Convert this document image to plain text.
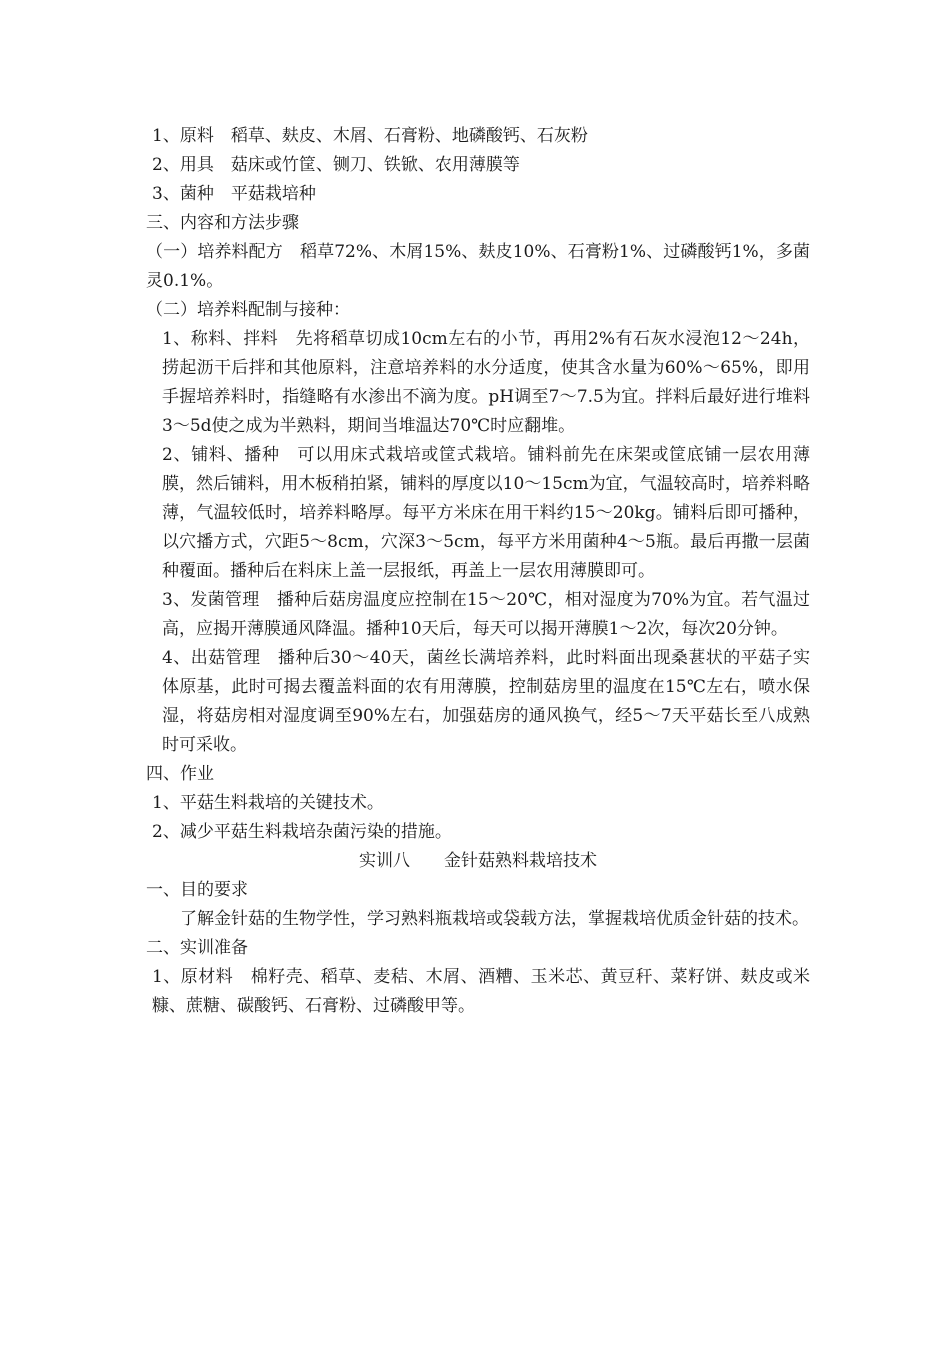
1、原料　稻草、麸皮、木屑、石膏粉、地磷酸钙、石灰粉

2、用具　菇床或竹筐、铡刀、铁锨、农用薄膜等

3、菌种　平菇栽培种

三、内容和方法步骤

（一）培养料配方　稻草72%、木屑15%、麸皮10%、石膏粉1%、过磷酸钙1%，多菌灵0.1%。

（二）培养料配制与接种：

1、称料、拌料　先将稻草切成10cm左右的小节，再用2%有石灰水浸泡12～24h，捞起沥干后拌和其他原料，注意培养料的水分适度，使其含水量为60%～65%，即用手握培养料时，指缝略有水渗出不滴为度。pH调至7～7.5为宜。拌料后最好进行堆料3～5d使之成为半熟料，期间当堆温达70℃时应翻堆。

2、铺料、播种　可以用床式栽培或筐式栽培。铺料前先在床架或筐底铺一层农用薄膜，然后铺料，用木板稍拍紧，铺料的厚度以10～15cm为宜，气温较高时，培养料略薄，气温较低时，培养料略厚。每平方米床在用干料约15～20kg。铺料后即可播种，以穴播方式，穴距5～8cm，穴深3～5cm，每平方米用菌种4～5瓶。最后再撒一层菌种覆面。播种后在料床上盖一层报纸，再盖上一层农用薄膜即可。

3、发菌管理　播种后菇房温度应控制在15～20℃，相对湿度为70%为宜。若气温过高，应揭开薄膜通风降温。播种10天后，每天可以揭开薄膜1～2次，每次20分钟。

4、出菇管理　播种后30～40天，菌丝长满培养料，此时料面出现桑葚状的平菇子实体原基，此时可揭去覆盖料面的农有用薄膜，控制菇房里的温度在15℃左右，喷水保湿，将菇房相对湿度调至90%左右，加强菇房的通风换气，经5～7天平菇长至八成熟时可采收。

四、作业

1、平菇生料栽培的关键技术。

2、减少平菇生料栽培杂菌污染的措施。

实训八　　金针菇熟料栽培技术

一、目的要求

了解金针菇的生物学性，学习熟料瓶栽培或袋载方法，掌握栽培优质金针菇的技术。

二、实训准备

1、原材料　棉籽壳、稻草、麦秸、木屑、酒糟、玉米芯、黄豆秆、菜籽饼、麸皮或米糠、蔗糖、碳酸钙、石膏粉、过磷酸甲等。
